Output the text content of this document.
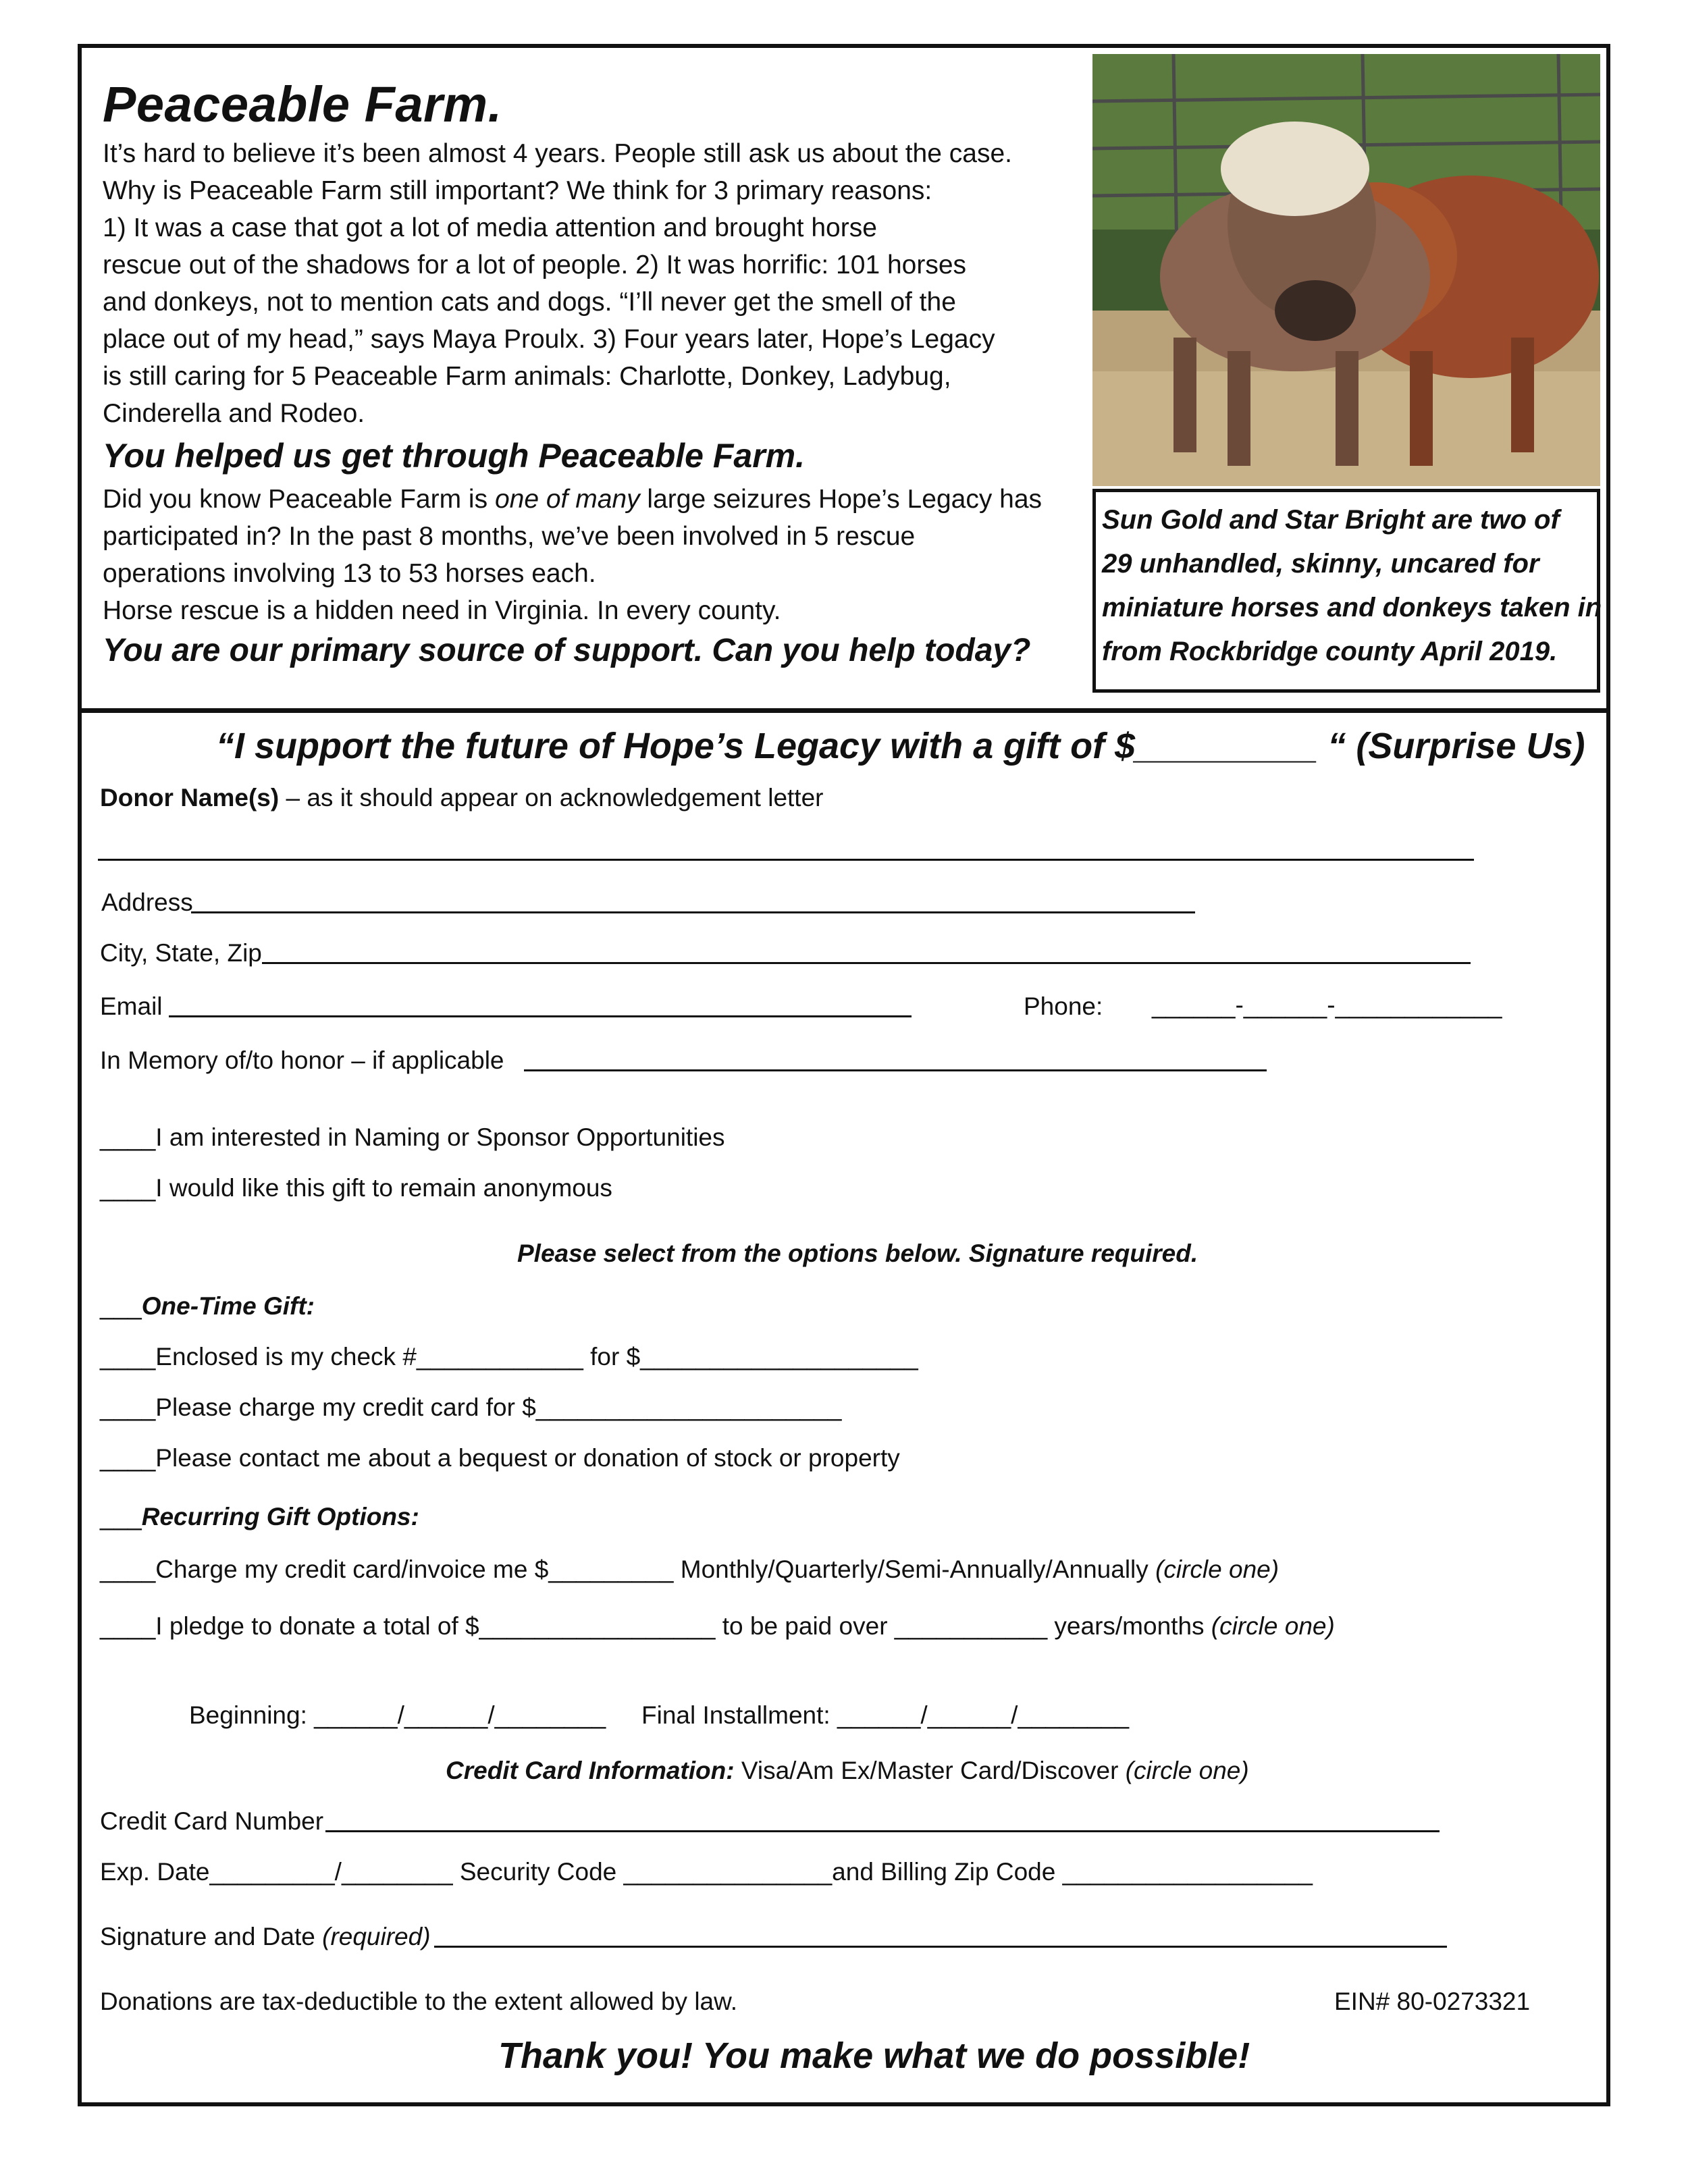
Peaceable Farm.
It’s hard to believe it’s been almost 4 years. People still ask us about the case.
Why is Peaceable Farm still important? We think for 3 primary reasons:
1) It was a case that got a lot of media attention and brought horse
rescue out of the shadows for a lot of people. 2) It was horrific: 101 horses
and donkeys, not to mention cats and dogs. “I’ll never get the smell of the
place out of my head,” says Maya Proulx. 3) Four years later, Hope’s Legacy
is still caring for 5 Peaceable Farm animals: Charlotte, Donkey, Ladybug,
Cinderella and Rodeo.
You helped us get through Peaceable Farm.
Did you know Peaceable Farm is one of many large seizures Hope’s Legacy has
participated in? In the past 8 months, we’ve been involved in 5 rescue
operations involving 13 to 53 horses each.
Horse rescue is a hidden need in Virginia. In every county.
You are our primary source of support. Can you help today?
Sun Gold and Star Bright are two of
29 unhandled, skinny, uncared for
miniature horses and donkeys taken in
from Rockbridge county April 2019.
“I support the future of Hope’s Legacy with a gift of $_________ “ (Surprise Us)
Donor Name(s) – as it should appear on acknowledgement letter
Address
City, State, Zip
Email	Phone: ______-______-____________
In Memory of/to honor – if applicable
____I am interested in Naming or Sponsor Opportunities
____I would like this gift to remain anonymous
Please select from the options below. Signature required.
___One-Time Gift:
____Enclosed is my check #____________ for $____________________
____Please charge my credit card for $______________________
____Please contact me about a bequest or donation of stock or property
___Recurring Gift Options:
____Charge my credit card/invoice me $_________ Monthly/Quarterly/Semi-Annually/Annually (circle one)
____I pledge to donate a total of $_________________ to be paid over ___________ years/months (circle one)
Beginning: ______/______/________ Final Installment: ______/______/________
Credit Card Information: Visa/Am Ex/Master Card/Discover (circle one)
Credit Card Number
Exp. Date_________/________ Security Code _______________and Billing Zip Code __________________
Signature and Date (required)
Donations are tax-deductible to the extent allowed by law.	EIN# 80-0273321
Thank you! You make what we do possible!
